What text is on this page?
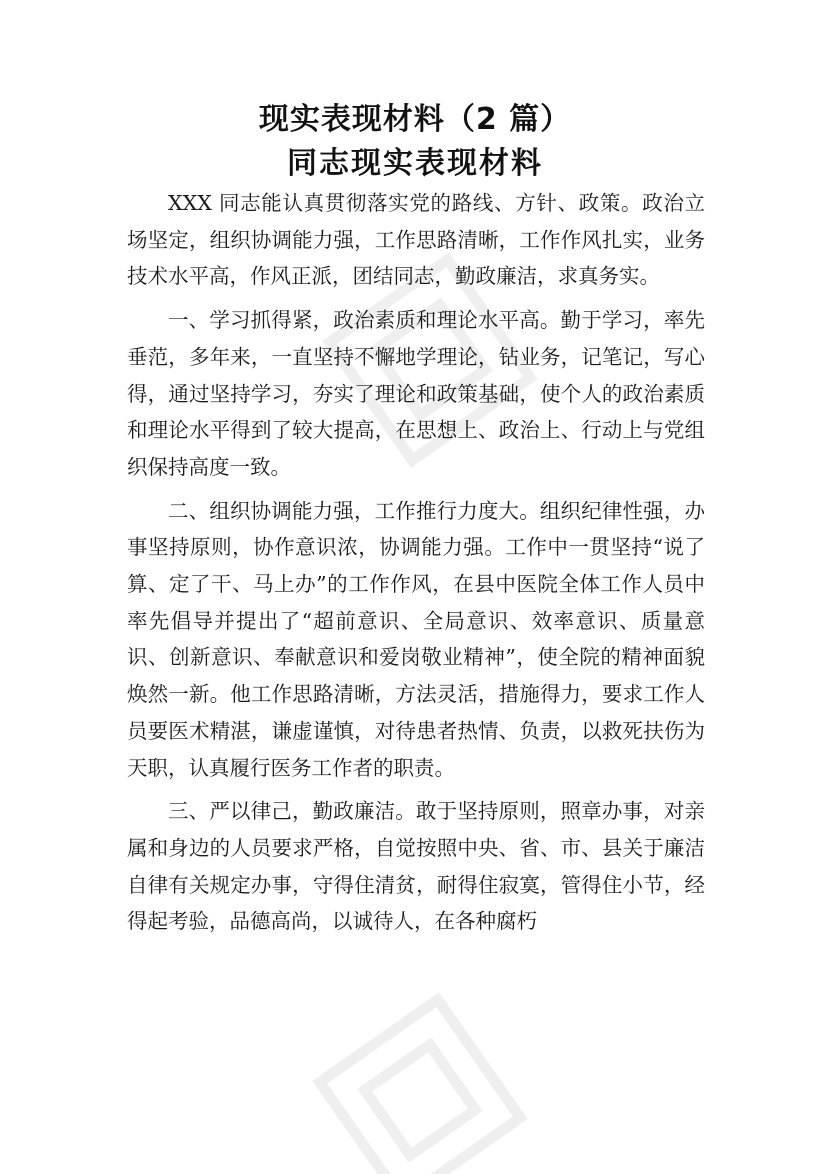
现实表现材料（2 篇）
同志现实表现材料

XXX 同志能认真贯彻落实党的路线、方针、政策。政治立场坚定，组织协调能力强，工作思路清晰，工作作风扎实，业务技术水平高，作风正派，团结同志，勤政廉洁，求真务实。

一、学习抓得紧，政治素质和理论水平高。勤于学习，率先垂范，多年来，一直坚持不懈地学理论，钻业务，记笔记，写心得，通过坚持学习，夯实了理论和政策基础，使个人的政治素质和理论水平得到了较大提高，在思想上、政治上、行动上与党组织保持高度一致。

二、组织协调能力强，工作推行力度大。组织纪律性强，办事坚持原则，协作意识浓，协调能力强。工作中一贯坚持“说了算、定了干、马上办”的工作作风，在县中医院全体工作人员中率先倡导并提出了“超前意识、全局意识、效率意识、质量意识、创新意识、奉献意识和爱岗敬业精神”，使全院的精神面貌焕然一新。他工作思路清晰，方法灵活，措施得力，要求工作人员要医术精湛，谦虚谨慎，对待患者热情、负责，以救死扶伤为天职，认真履行医务工作者的职责。

三、严以律己，勤政廉洁。敢于坚持原则，照章办事，对亲属和身边的人员要求严格，自觉按照中央、省、市、县关于廉洁自律有关规定办事，守得住清贫，耐得住寂寞，管得住小节，经得起考验，品德高尚，以诚待人，在各种腐朽
